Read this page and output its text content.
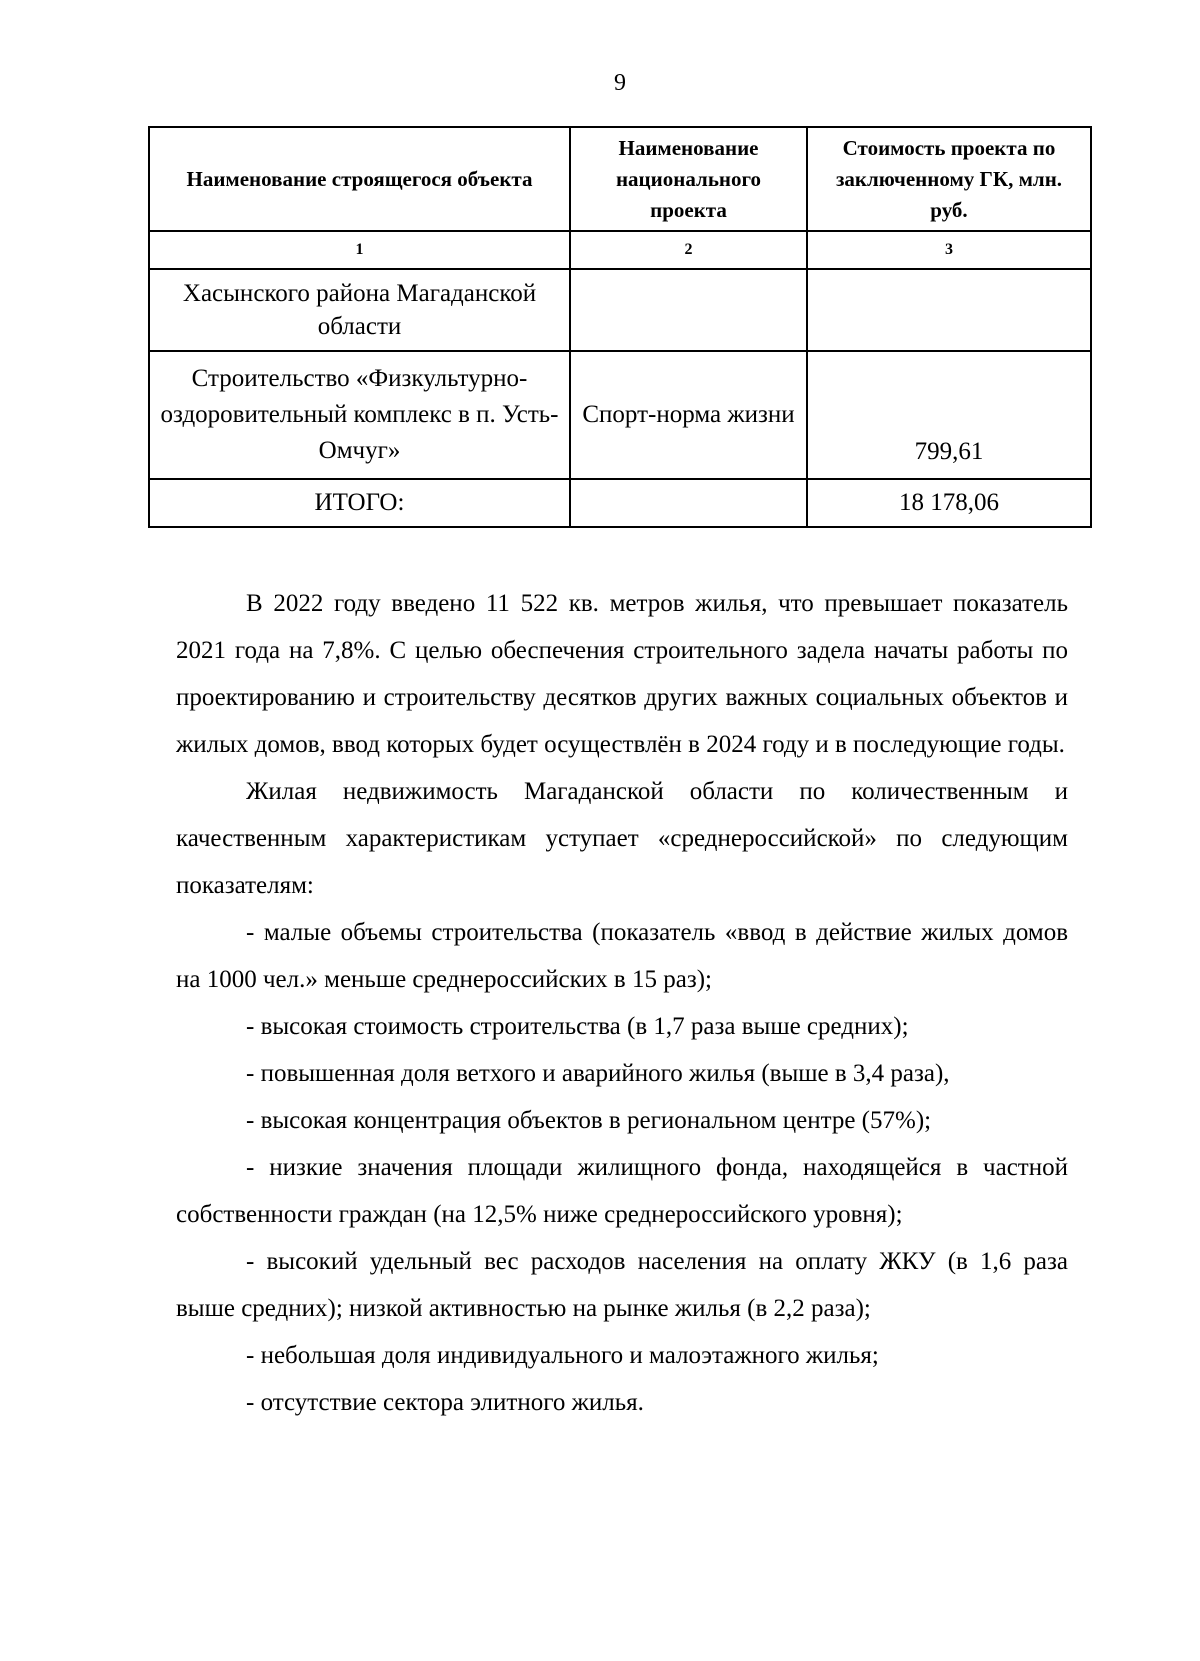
9
Наименование строящегося объекта	Наименование национального проекта	Стоимость проекта по заключенному ГК, млн. руб.
1	2	3
Хасынского района Магаданской области		
Строительство «Физкультурно-оздоровительный комплекс в п. Усть-Омчуг»	Спорт-норма жизни	799,61
ИТОГО:		18 178,06

В 2022 году введено 11 522 кв. метров жилья, что превышает показатель 2021 года на 7,8%. С целью обеспечения строительного задела начаты работы по проектированию и строительству десятков других важных социальных объектов и жилых домов, ввод которых будет осуществлён в 2024 году и в последующие годы.

Жилая недвижимость Магаданской области по количественным и качественным характеристикам уступает «среднероссийской» по следующим показателям:

- малые объемы строительства (показатель «ввод в действие жилых домов на 1000 чел.» меньше среднероссийских в 15 раз);

- высокая стоимость строительства (в 1,7 раза выше средних);

- повышенная доля ветхого и аварийного жилья (выше в 3,4 раза),

- высокая концентрация объектов в региональном центре (57%);

- низкие значения площади жилищного фонда, находящейся в частной собственности граждан (на 12,5% ниже среднероссийского уровня);

- высокий удельный вес расходов населения на оплату ЖКУ (в 1,6 раза выше средних); низкой активностью на рынке жилья (в 2,2 раза);

- небольшая доля индивидуального и малоэтажного жилья;

- отсутствие сектора элитного жилья.
